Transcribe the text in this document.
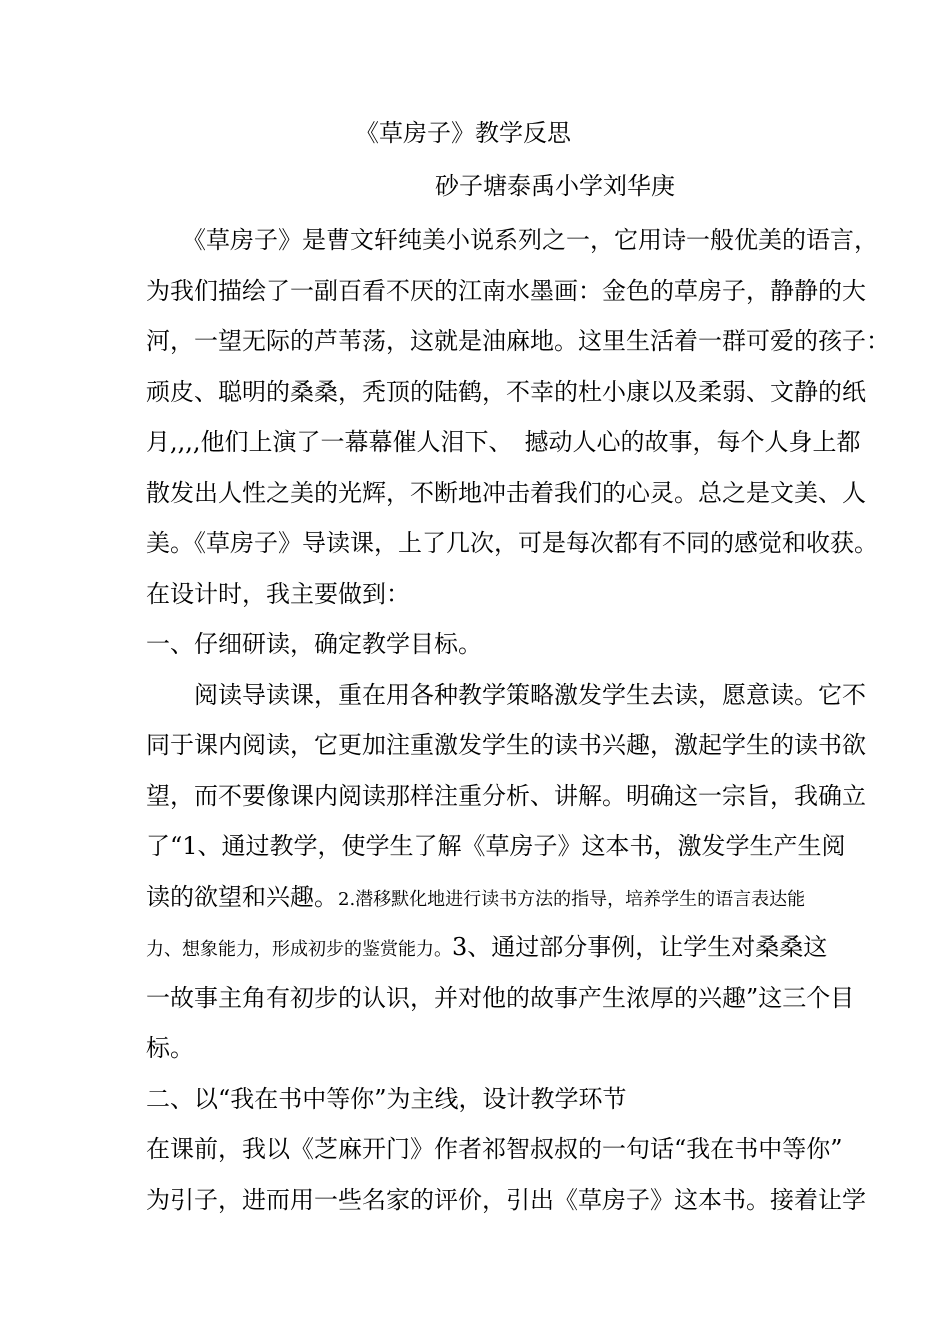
《草房子》教学反思
砂子塘泰禹小学刘华庚
　　《草房子》是曹文轩纯美小说系列之一，它用诗一般优美的语言，
为我们描绘了一副百看不厌的江南水墨画：金色的草房子，静静的大
河，一望无际的芦苇荡，这就是油麻地。这里生活着一群可爱的孩子：
顽皮、聪明的桑桑，秃顶的陆鹤，不幸的杜小康以及柔弱、文静的纸
月,,,,他们上演了一幕幕催人泪下、　撼动人心的故事，每个人身上都
散发出人性之美的光辉，不断地冲击着我们的心灵。总之是文美、人
美。《草房子》导读课，上了几次，可是每次都有不同的感觉和收获。
在设计时，我主要做到：
一、仔细研读，确定教学目标。
　　阅读导读课，重在用各种教学策略激发学生去读，愿意读。它不
同于课内阅读，它更加注重激发学生的读书兴趣，激起学生的读书欲
望，而不要像课内阅读那样注重分析、讲解。明确这一宗旨，我确立
了“1、通过教学，使学生了解《草房子》这本书，激发学生产生阅
读的欲望和兴趣。2.潜移默化地进行读书方法的指导，培养学生的语言表达能
力、想象能力，形成初步的鉴赏能力。3、通过部分事例，让学生对桑桑这
一故事主角有初步的认识，并对他的故事产生浓厚的兴趣”这三个目
标。
二、以“我在书中等你”为主线，设计教学环节
在课前，我以《芝麻开门》作者祁智叔叔的一句话“我在书中等你”
为引子，进而用一些名家的评价，引出《草房子》这本书。接着让学
